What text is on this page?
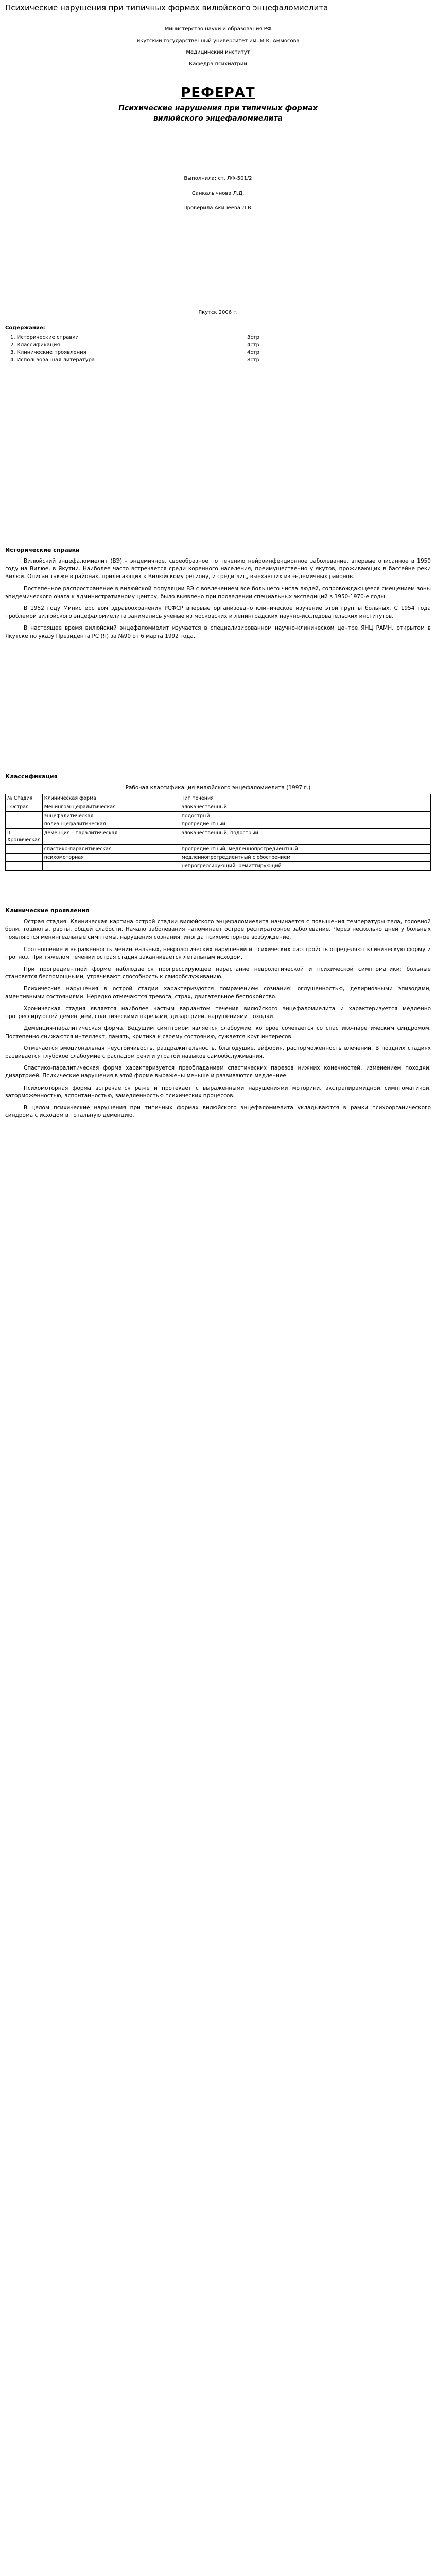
Психические нарушения при типичных формах вилюйского энцефаломиелита
Министерство науки и образования РФ
Якутский государственный университет им. М.К. Аммосова
Медицинский институт
Кафедра психиатрии
РЕФЕРАТ
Психические нарушения при типичных формах
вилюйского энцефаломиелита
Выполнила: ст. ЛФ-501/2
Санкалычнова Л.Д.
Проверила Акинеева Л.В.
Якутск 2006 г.
Содержание:
1. Исторические справки	3стр
2. Классификация	4стр
3. Клинические проявления	4стр
4. Использованная литература	8стр
Исторические справки

Вилюйский энцефаломиелит (ВЭ) – эндемичное, своеобразное по течению нейроинфекционное заболевание, впервые описанное в 1950 году на Вилюе, в Якутии. Наиболее часто встречается среди коренного населения, преимущественно у якутов, проживающих в бассейне реки Вилюй. Описан также в районах, прилегающих к Вилюйскому региону, и среди лиц, выехавших из эндемичных районов.

Постепенное распространение в вилюйской популяции ВЭ с вовлечением все большего числа людей, сопровождающееся смещением зоны эпидемического очага к административному центру, было выявлено при проведении специальных экспедиций в 1950-1970-е годы.

В 1952 году Министерством здравоохранения РСФСР впервые организовано клиническое изучение этой группы больных. С 1954 года проблемой вилюйского энцефаломиелита занимались ученые из московских и ленинградских научно-исследовательских институтов.

В настоящее время вилюйский энцефаломиелит изучается в специализированном научно-клиническом центре ЯНЦ РАМН, открытом в Якутске по указу Президента РС (Я) за №90 от 6 марта 1992 года.

Классификация
Рабочая классификация вилюйского энцефаломиелита (1997 г.)
№ Стадия	Клиническая форма	Тип течения
I Острая	Менингоэнцефалитическая	злокачественный
	энцефалитическая	подострый
	полиэнцефалитическая	прогредиентный
II Хроническая	деменция – паралитическая	злокачественный, подострый
	спастико-паралитическая	прогредиентный, медленнопрогредиентный
	психомоторная	медленнопрогредиентный с обострением
		непрогрессирующий, ремиттирующий
Клинические проявления

Острая стадия. Клиническая картина острой стадии вилюйского энцефаломиелита начинается с повышения температуры тела, головной боли, тошноты, рвоты, общей слабости. Начало заболевания напоминает острое респираторное заболевание. Через несколько дней у больных появляются менингеальные симптомы, нарушения сознания, иногда психомоторное возбуждение.

Соотношение и выраженность менингеальных, неврологических нарушений и психических расстройств определяют клиническую форму и прогноз. При тяжелом течении острая стадия заканчивается летальным исходом.

При прогредиентной форме наблюдается прогрессирующее нарастание неврологической и психической симптоматики; больные становятся беспомощными, утрачивают способность к самообслуживанию.

Психические нарушения в острой стадии характеризуются помрачением сознания: оглушенностью, делириозными эпизодами, аментивными состояниями. Нередко отмечаются тревога, страх, двигательное беспокойство.

Хроническая стадия является наиболее частым вариантом течения вилюйского энцефаломиелита и характеризуется медленно прогрессирующей деменцией, спастическими парезами, дизартрией, нарушениями походки.

Деменция-паралитическая форма. Ведущим симптомом является слабоумие, которое сочетается со спастико-паретическим синдромом. Постепенно снижаются интеллект, память, критика к своему состоянию, сужается круг интересов.

Отмечается эмоциональная неустойчивость, раздражительность, благодушие, эйфория, расторможенность влечений. В поздних стадиях развивается глубокое слабоумие с распадом речи и утратой навыков самообслуживания.

Спастико-паралитическая форма характеризуется преобладанием спастических парезов нижних конечностей, изменением походки, дизартрией. Психические нарушения в этой форме выражены меньше и развиваются медленнее.

Психомоторная форма встречается реже и протекает с выраженными нарушениями моторики, экстрапирамидной симптоматикой, заторможенностью, аспонтанностью, замедленностью психических процессов.

В целом психические нарушения при типичных формах вилюйского энцефаломиелита укладываются в рамки психоорганического синдрома с исходом в тотальную деменцию.
